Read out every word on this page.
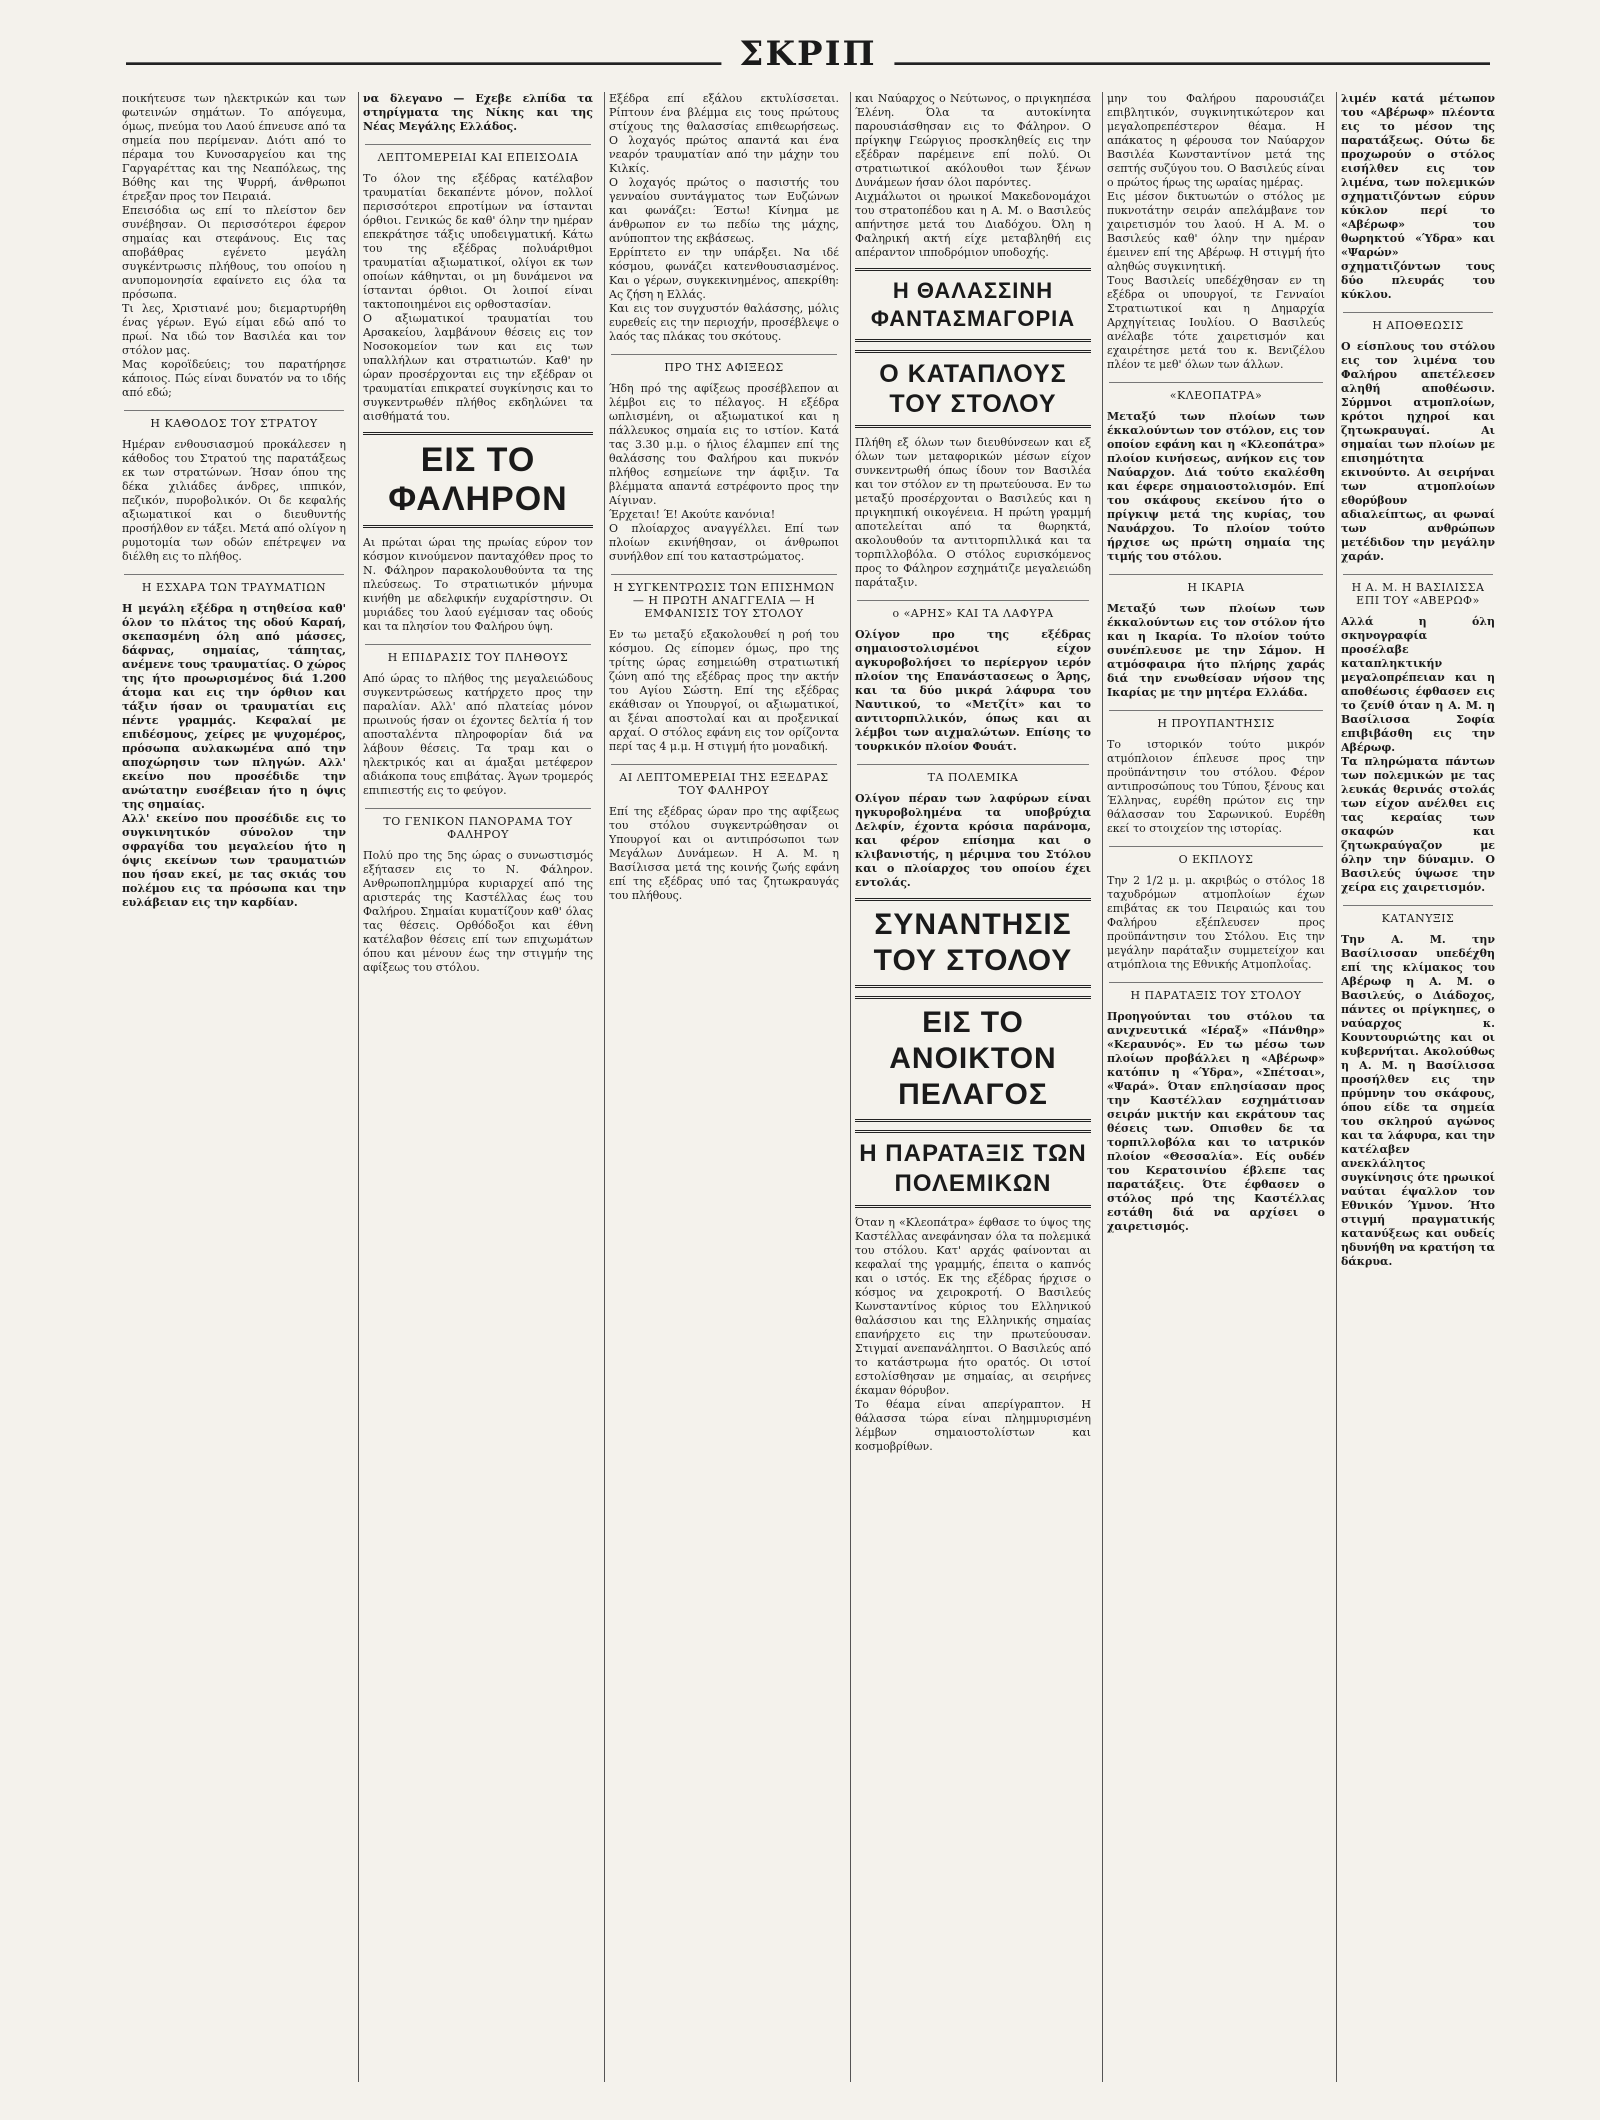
ΣΚΡΙΠ

ποικήτευσε των ηλεκτρικών και των φωτεινών σημάτων. Το απόγευμα, όμως, πνεύμα του Λαού έπνευσε από τα σημεία που περίμεναν. Διότι από το πέραμα του Κυνοσαργείου και της Γαργαρέττας και της Νεαπόλεως, της Βόθης και της Ψυρρή, άνθρωποι έτρεξαν προς τον Πειραιά.

Επεισόδια ως επί το πλείστον δεν συνέβησαν. Οι περισσότεροι έφερον σημαίας και στεφάνους. Εις τας αποβάθρας εγένετο μεγάλη συγκέντρωσις πλήθους, του οποίου η ανυπομονησία εφαίνετο εις όλα τα πρόσωπα.

Τι λες, Χριστιανέ μου; διεμαρτυρήθη ένας γέρων. Εγώ είμαι εδώ από το πρωί. Να ιδώ τον Βασιλέα και τον στόλον μας.

Μας κοροϊδεύεις; του παρατήρησε κάποιος. Πώς είναι δυνατόν να το ιδής από εδώ;

Η ΚΑΘΟΔΟΣ ΤΟΥ ΣΤΡΑΤΟΥ

Ημέραν ενθουσιασμού προκάλεσεν η κάθοδος του Στρατού της παρατάξεως εκ των στρατώνων. Ήσαν όπου της δέκα χιλιάδες άνδρες, ιππικόν, πεζικόν, πυροβολικόν. Οι δε κεφαλής αξιωματικοί και ο διευθυντής προσήλθον εν τάξει. Μετά από ολίγον η ρυμοτομία των οδών επέτρεψεν να διέλθη εις το πλήθος.

Η ΕΣΧΑΡΑ ΤΩΝ ΤΡΑΥΜΑΤΙΩΝ

Η μεγάλη εξέδρα η στηθείσα καθ' όλον το πλάτος της οδού Καραή, σκεπασμένη όλη από μάσσες, δάφνας, σημαίας, τάπητας, ανέμενε τους τραυματίας. Ο χώρος της ήτο προωρισμένος διά 1.200 άτομα και εις την όρθιον και τάξιν ήσαν οι τραυματίαι εις πέντε γραμμάς. Κεφαλαί με επιδέσμους, χείρες με ψυχομέρος, πρόσωπα αυλακωμένα από την αποχώρησιν των πληγών. Αλλ' εκείνο που προσέδιδε την ανώτατην ευσέβειαν ήτο η όψις της σημαίας.

Αλλ' εκείνο που προσέδιδε εις το συγκινητικόν σύνολον την σφραγίδα του μεγαλείου ήτο η όψις εκείνων των τραυματιών που ήσαν εκεί, με τας σκιάς του πολέμου εις τα πρόσωπα και την ευλάβειαν εις την καρδίαν.

να δλεγανο — Εχεβε ελπίδα τα στηρίγματα της Νίκης και της Νέας Μεγάλης Ελλάδος.

ΛΕΠΤΟΜΕΡΕΙΑΙ ΚΑΙ ΕΠΕΙΣΟΔΙΑ

Το όλον της εξέδρας κατέλαβον τραυματίαι δεκαπέντε μόνον, πολλοί περισσότεροι επροτίμων να ίστανται όρθιοι. Γενικώς δε καθ' όλην την ημέραν επεκράτησε τάξις υποδειγματική. Κάτω του της εξέδρας πολυάριθμοι τραυματίαι αξιωματικοί, ολίγοι εκ των οποίων κάθηνται, οι μη δυνάμενοι να ίστανται όρθιοι. Οι λοιποί είναι τακτοποιημένοι εις ορθοστασίαν.

Ο αξιωματικοί τραυματίαι του Αρσακείου, λαμβάνουν θέσεις εις τον Νοσοκομείον των και εις των υπαλλήλων και στρατιωτών. Καθ' ην ώραν προσέρχονται εις την εξέδραν οι τραυματίαι επικρατεί συγκίνησις και το συγκεντρωθέν πλήθος εκδηλώνει τα αισθήματά του.

ΕΙΣ ΤΟ ΦΑΛΗΡΟΝ

Αι πρώται ώραι της πρωίας εύρον τον κόσμον κινούμενον πανταχόθεν προς το Ν. Φάληρον παρακολουθούντα τα της πλεύσεως. Το στρατιωτικόν μήνυμα κινήθη με αδελφικήν ευχαρίστησιν. Οι μυριάδες του λαού εγέμισαν τας οδούς και τα πλησίον του Φαλήρου ύψη.

Η ΕΠΙΔΡΑΣΙΣ ΤΟΥ ΠΛΗΘΟΥΣ

Από ώρας το πλήθος της μεγαλειώδους συγκεντρώσεως κατήρχετο προς την παραλίαν. Αλλ' από πλατείας μόνον πρωινούς ήσαν οι έχοντες δελτία ή τον αποσταλέντα πληροφορίαν διά να λάβουν θέσεις. Τα τραμ και ο ηλεκτρικός και αι άμαξαι μετέφερον αδιάκοπα τους επιβάτας. Άγων τρομερός επιπιεστής εις το φεύγον.

ΤΟ ΓΕΝΙΚΟΝ ΠΑΝΟΡΑΜΑ ΤΟΥ ΦΑΛΗΡΟΥ

Πολύ προ της 5ης ώρας ο συνωστισμός εξήτασεν εις το Ν. Φάληρον. Ανθρωποπλημμύρα κυριαρχεί από της αριστεράς της Καστέλλας έως του Φαλήρου. Σημαίαι κυματίζουν καθ' όλας τας θέσεις. Ορθόδοξοι και έθνη κατέλαβον θέσεις επί των επιχωμάτων όπου και μένουν έως την στιγμήν της αφίξεως του στόλου.

Εξέδρα επί εξάλου εκτυλίσσεται. Ρίπτουν ένα βλέμμα εις τους πρώτους στίχους της θαλασσίας επιθεωρήσεως. Ο λοχαγός πρώτος απαντά και ένα νεαρόν τραυματίαν από την μάχην του Κιλκίς.

Ο λοχαγός πρώτος ο πασιστής του γενναίου συντάγματος των Ευζώνων και φωνάζει: Έστω! Κίνημα με άνθρωπον εν τω πεδίω της μάχης, ανύποπτον της εκβάσεως.

Ερρίπτετο εν την υπάρξει. Να ιδέ κόσμου, φωνάζει κατενθουσιασμένος. Και ο γέρων, συγκεκινημένος, απεκρίθη: Ας ζήση η Ελλάς.

Και εις τον συγχυστόν θαλάσσης, μόλις ευρεθείς εις την περιοχήν, προσέβλεψε ο λαός τας πλάκας του σκότους.

ΠΡΟ ΤΗΣ ΑΦΙΞΕΩΣ

Ήδη πρό της αφίξεως προσέβλεπον αι λέμβοι εις το πέλαγος. Η εξέδρα ωπλισμένη, οι αξιωματικοί και η πάλλευκος σημαία εις το ιστίον. Κατά τας 3.30 μ.μ. ο ήλιος έλαμπεν επί της θαλάσσης του Φαλήρου και πυκνόν πλήθος εσημείωνε την άφιξιν. Τα βλέμματα απαντά εστρέφοντο προς την Αίγιναν.

Έρχεται! Έ! Ακούτε κανόνια!

Ο πλοίαρχος αναγγέλλει. Επί των πλοίων εκινήθησαν, οι άνθρωποι συνήλθον επί του καταστρώματος.

Η ΣΥΓΚΕΝΤΡΩΣΙΣ ΤΩΝ ΕΠΙΣΗΜΩΝ — Η ΠΡΩΤΗ ΑΝΑΓΓΕΛΙΑ — Η ΕΜΦΑΝΙΣΙΣ ΤΟΥ ΣΤΟΛΟΥ

Εν τω μεταξύ εξακολουθεί η ροή του κόσμου. Ως είπομεν όμως, προ της τρίτης ώρας εσημειώθη στρατιωτική ζώνη από της εξέδρας προς την ακτήν του Αγίου Σώστη. Επί της εξέδρας εκάθισαν οι Υπουργοί, οι αξιωματικοί, αι ξέναι αποστολαί και αι προξενικαί αρχαί. Ο στόλος εφάνη εις τον ορίζοντα περί τας 4 μ.μ. Η στιγμή ήτο μοναδική.

ΑΙ ΛΕΠΤΟΜΕΡΕΙΑΙ ΤΗΣ ΕΞΕΔΡΑΣ ΤΟΥ ΦΑΛΗΡΟΥ

Επί της εξέδρας ώραν προ της αφίξεως του στόλου συγκεντρώθησαν οι Υπουργοί και οι αντιπρόσωποι των Μεγάλων Δυνάμεων. Η Α. Μ. η Βασίλισσα μετά της κοινής ζωής εφάνη επί της εξέδρας υπό τας ζητωκραυγάς του πλήθους.

και Ναύαρχος ο Νεύτωνος, ο πριγκηπέσα Έλένη. Όλα τα αυτοκίνητα παρουσιάσθησαν εις το Φάληρον. Ο πρίγκηψ Γεώργιος προσκληθείς εις την εξέδραν παρέμεινε επί πολύ. Οι στρατιωτικοί ακόλουθοι των ξένων Δυνάμεων ήσαν όλοι παρόντες.

Αιχμάλωτοι οι ηρωικοί Μακεδονομάχοι του στρατοπέδου και η Α. Μ. ο Βασιλεύς απήντησε μετά του Διαδόχου. Όλη η Φαληρική ακτή είχε μεταβληθή εις απέραντον ιπποδρόμιον υποδοχής.

Η ΘΑΛΑΣΣΙΝΗ ΦΑΝΤΑΣΜΑΓΟΡΙΑ
Ο ΚΑΤΑΠΛΟΥΣ ΤΟΥ ΣΤΟΛΟΥ

Πλήθη εξ όλων των διευθύνσεων και εξ όλων των μεταφορικών μέσων είχον συνκεντρωθή όπως ίδουν τον Βασιλέα και τον στόλον εν τη πρωτεύουσα. Εν τω μεταξύ προσέρχονται ο Βασιλεύς και η πριγκηπική οικογένεια. Η πρώτη γραμμή αποτελείται από τα θωρηκτά, ακολουθούν τα αντιτορπιλλικά και τα τορπιλλοβόλα. Ο στόλος ευρισκόμενος προς το Φάληρον εσχημάτιζε μεγαλειώδη παράταξιν.

ο «ΑΡΗΣ» ΚΑΙ ΤΑ ΛΑΦΥΡΑ

Ολίγον προ της εξέδρας σημαιοστολισμένοι είχον αγκυροβολήσει το περίεργον ιερόν πλοίον της Επανάστασεως ο Άρης, και τα δύο μικρά λάφυρα του Ναυτικού, το «Μετζίτ» και το αντιτορπιλλικόν, όπως και αι λέμβοι των αιχμαλώτων. Επίσης το τουρκικόν πλοίον Φουάτ.

ΤΑ ΠΟΛΕΜΙΚΑ

Ολίγον πέραν των λαφύρων είναι ηγκυροβολημένα τα υποβρύχια Δελφίν, έχοντα κρόσια παράνομα, και φέρον επίσημα και ο κλιβανιστής, η μέριμνα του Στόλου και ο πλοίαρχος του οποίου έχει εντολάς.

ΣΥΝΑΝΤΗΣΙΣ ΤΟΥ ΣΤΟΛΟΥ
ΕΙΣ ΤΟ ΑΝΟΙΚΤΟΝ ΠΕΛΑΓΟΣ
Η ΠΑΡΑΤΑΞΙΣ ΤΩΝ ΠΟΛΕΜΙΚΩΝ

Όταν η «Κλεοπάτρα» έφθασε το ύψος της Καστέλλας ανεφάνησαν όλα τα πολεμικά του στόλου. Κατ' αρχάς φαίνονται αι κεφαλαί της γραμμής, έπειτα ο καπνός και ο ιστός. Εκ της εξέδρας ήρχισε ο κόσμος να χειροκροτή. Ο Βασιλεύς Κωνσταντίνος κύριος του Ελληνικού θαλάσσιου και της Ελληνικής σημαίας επανήρχετο εις την πρωτεύουσαν. Στιγμαί ανεπανάληπτοι. Ο Βασιλεύς από το κατάστρωμα ήτο ορατός. Οι ιστοί εστολίσθησαν με σημαίας, αι σειρήνες έκαμαν θόρυβον.

Το θέαμα είναι απερίγραπτον. Η θάλασσα τώρα είναι πλημμυρισμένη λέμβων σημαιοστολίστων και κοσμοβρίθων.

μην του Φαλήρου παρουσιάζει επιβλητικόν, συγκινητικώτερον και μεγαλοπρεπέστερον θέαμα. Η απάκατος η φέρουσα τον Ναύαρχον Βασιλέα Κωνσταντίνον μετά της σεπτής συζύγου του. Ο Βασιλεύς είναι ο πρώτος ήρως της ωραίας ημέρας.

Εις μέσον δικτυωτών ο στόλος με πυκνοτάτην σειράν απελάμβανε τον χαιρετισμόν του λαού. Η Α. Μ. ο Βασιλεύς καθ' όλην την ημέραν έμεινεν επί της Αβέρωφ. Η στιγμή ήτο αληθώς συγκινητική.

Τους Βασιλείς υπεδέχθησαν εν τη εξέδρα οι υπουργοί, τε Γενναίοι Στρατιωτικοί και η Δημαρχία Αρχηγίτειας Ιουλίου. Ο Βασιλεύς ανέλαβε τότε χαιρετισμόν και εχαιρέτησε μετά του κ. Βενιζέλου πλέον τε μεθ' όλων των άλλων.

«ΚΛΕΟΠΑΤΡΑ»

Μεταξύ των πλοίων των έκκαλούντων τον στόλον, εις τον οποίον εφάνη και η «Κλεοπάτρα» πλοίον κινήσεως, ανήκον εις τον Ναύαρχον. Διά τούτο εκαλέσθη και έφερε σημαιοστολισμόν. Επί του σκάφους εκείνου ήτο ο πρίγκιψ μετά της κυρίας, του Ναυάρχου. Το πλοίον τούτο ήρχισε ως πρώτη σημαία της τιμής του στόλου.

Η ΙΚΑΡΙΑ

Μεταξύ των πλοίων των έκκαλούντων εις τον στόλον ήτο και η Ικαρία. Το πλοίον τούτο συνέπλευσε με την Σάμον. Η ατμόσφαιρα ήτο πλήρης χαράς διά την ενωθείσαν νήσον της Ικαρίας με την μητέρα Ελλάδα.

Η ΠΡΟΥΠΑΝΤΗΣΙΣ

Το ιστορικόν τούτο μικρόν ατμόπλοιον έπλευσε προς την προϋπάντησιν του στόλου. Φέρον αντιπροσώπους του Τύπου, ξένους και Έλληνας, ευρέθη πρώτον εις την θάλασσαν του Σαρωνικού. Ευρέθη εκεί το στοιχείον της ιστορίας.

Ο ΕΚΠΛΟΥΣ

Την 2 1/2 μ. μ. ακριβώς ο στόλος 18 ταχυδρόμων ατμοπλοίων έχων επιβάτας εκ του Πειραιώς και του Φαλήρου εξέπλευσεν προς προϋπάντησιν του Στόλου. Εις την μεγάλην παράταξιν συμμετείχον και ατμόπλοια της Εθνικής Ατμοπλοΐας.

Η ΠΑΡΑΤΑΞΙΣ ΤΟΥ ΣΤΟΛΟΥ

Προηγούνται του στόλου τα ανιχνευτικά «Ιέραξ» «Πάνθηρ» «Κεραυνός». Εν τω μέσω των πλοίων προβάλλει η «Αβέρωφ» κατόπιν η «Ύδρα», «Σπέτσαι», «Ψαρά». Όταν επλησίασαν προς την Καστέλλαν εσχημάτισαν σειράν μικτήν και εκράτουν τας θέσεις των. Οπισθεν δε τα τορπιλλοβόλα και το ιατρικόν πλοίον «Θεσσαλία». Είς ουδέν του Κερατσινίου έβλεπε τας παρατάξεις. Ότε έφθασεν ο στόλος πρό της Καστέλλας εστάθη διά να αρχίσει ο χαιρετισμός.

λιμέν κατά μέτωπον του «Αβέρωφ» πλέοντα εις το μέσον της παρατάξεως. Ούτω δε προχωρούν ο στόλος εισήλθεν εις τον λιμένα, των πολεμικών σχηματιζόντων εύρυν κύκλον περί το «Αβέρωφ» του θωρηκτού «Ύδρα» και «Ψαρών» σχηματιζόντων τους δύο πλευράς του κύκλου.

Η ΑΠΟΘΕΩΣΙΣ

Ο είσπλους του στόλου εις τον λιμένα του Φαλήρου απετέλεσεν αληθή αποθέωσιν. Σύρμνοι ατμοπλοίων, κρότοι ηχηροί και ζητωκραυγαί. Αι σημαίαι των πλοίων με επισημότητα εκινούντο. Αι σειρήναι των ατμοπλοίων εθορύβουν αδιαλείπτως, αι φωναί των ανθρώπων μετέδιδον την μεγάλην χαράν.

Η Α. Μ. Η ΒΑΣΙΛΙΣΣΑ ΕΠΙ ΤΟΥ «ΑΒΕΡΩΦ»

Αλλά η όλη σκηνογραφία προσέλαβε καταπληκτικήν μεγαλοπρέπειαν και η αποθέωσις έφθασεν εις το ζενίθ όταν η Α. Μ. η Βασίλισσα Σοφία επιβιβάσθη εις την Αβέρωφ.

Τα πληρώματα πάντων των πολεμικών με τας λευκάς θερινάς στολάς των είχον ανέλθει εις τας κεραίας των σκαφών και ζητωκραύγαζον με όλην την δύναμιν. Ο Βασιλεύς ύψωσε την χείρα εις χαιρετισμόν.

ΚΑΤΑΝΥΞΙΣ

Την Α. Μ. την Βασίλισσαν υπεδέχθη επί της κλίμακος του Αβέρωφ η Α. Μ. ο Βασιλεύς, ο Διάδοχος, πάντες οι πρίγκηπες, ο ναύαρχος κ. Κουντουριώτης και οι κυβερνήται. Ακολούθως η Α. Μ. η Βασίλισσα προσήλθεν εις την πρύμνην του σκάφους, όπου είδε τα σημεία του σκληρού αγώνος και τα λάφυρα, και την κατέλαβεν ανεκλάλητος συγκίνησις ότε ηρωικοί ναύται έψαλλον τον Εθνικόν Ύμνον. Ήτο στιγμή πραγματικής κατανύξεως και ουδείς ηδυνήθη να κρατήση τα δάκρυα.
